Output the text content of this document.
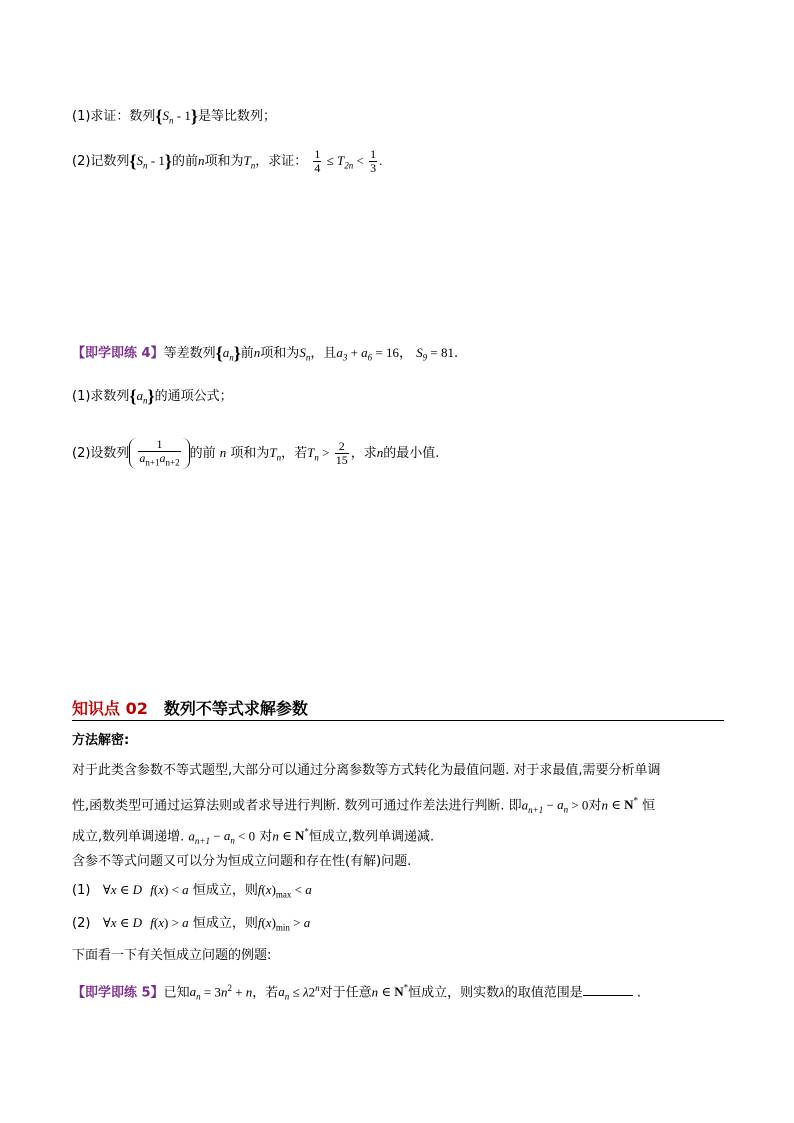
(1)求证：数列$\{S_n - 1\}$是等比数列；
(2)记数列$\{S_n - 1\}$的前n项和为$T_n$，求证： $\frac{1}{4} \le T_{2n} < \frac{1}{3}$ .
【即学即练 4】等差数列$\{a_n\}$前n项和为$S_n$，且$a_3 + a_6 = 16$， $S_9 = 81$.
(1)求数列$\{a_n\}$的通项公式；
(2)设数列 $\frac{1}{a_{n+1}a_{n+2}}$ 的前 n 项和为$T_n$，若$T_n > \frac{2}{15}$ ，求n的最小值.
知识点 02 数列不等式求解参数
方法解密:
对于此类含参数不等式题型,大部分可以通过分离参数等方式转化为最值问题. 对于求最值,需要分析单调
性,函数类型可通过运算法则或者求导进行判断. 数列可通过作差法进行判断. 即$a_{n+1} - a_n > 0$对n ∈ N* 恒
成立,数列单调递增. $a_{n+1} - a_n < 0$ 对n ∈ N*恒成立,数列单调递减.
含参不等式问题又可以分为恒成立问题和存在性(有解)问题.
(1) ∀x ∈ D f(x) < a 恒成立，则$f(x)_{max} < a$
(2) ∀x ∈ D f(x) > a 恒成立，则$f(x)_{min} > a$
下面看一下有关恒成立问题的例题:
【即学即练 5】已知$a_n = 3n^2 + n$，若$a_n \le \lambda 2^n$对于任意n ∈ N*恒成立，则实数λ的取值范围是	.
